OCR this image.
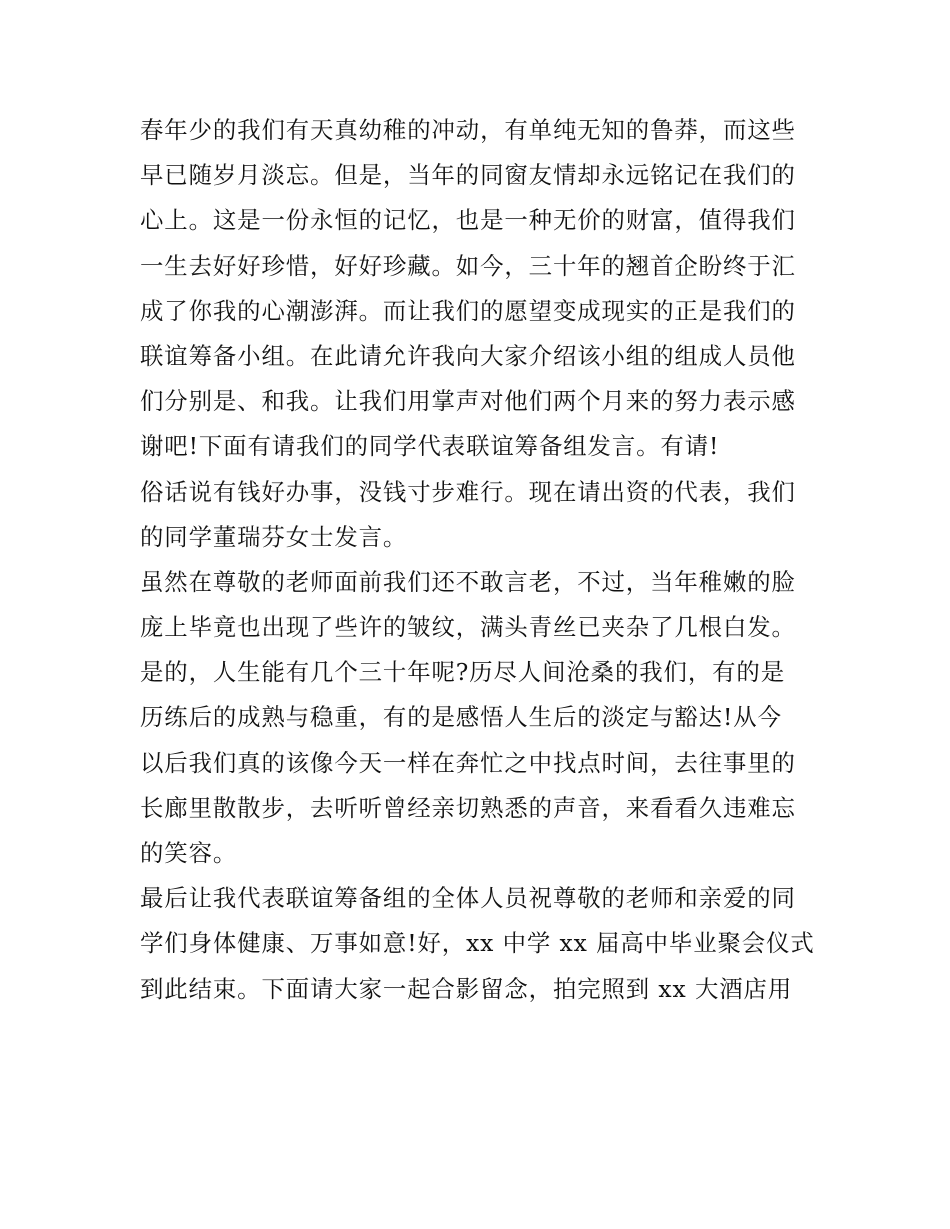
春年少的我们有天真幼稚的冲动，有单纯无知的鲁莽，而这些
早已随岁月淡忘。但是，当年的同窗友情却永远铭记在我们的
心上。这是一份永恒的记忆，也是一种无价的财富，值得我们
一生去好好珍惜，好好珍藏。如今，三十年的翘首企盼终于汇
成了你我的心潮澎湃。而让我们的愿望变成现实的正是我们的
联谊筹备小组。在此请允许我向大家介绍该小组的组成人员他
们分别是、和我。让我们用掌声对他们两个月来的努力表示感
谢吧!下面有请我们的同学代表联谊筹备组发言。有请!
俗话说有钱好办事，没钱寸步难行。现在请出资的代表，我们
的同学董瑞芬女士发言。
虽然在尊敬的老师面前我们还不敢言老，不过，当年稚嫩的脸
庞上毕竟也出现了些许的皱纹，满头青丝已夹杂了几根白发。
是的，人生能有几个三十年呢?历尽人间沧桑的我们，有的是
历练后的成熟与稳重，有的是感悟人生后的淡定与豁达!从今
以后我们真的该像今天一样在奔忙之中找点时间，去往事里的
长廊里散散步，去听听曾经亲切熟悉的声音，来看看久违难忘
的笑容。
最后让我代表联谊筹备组的全体人员祝尊敬的老师和亲爱的同
学们身体健康、万事如意!好，xx 中学 xx 届高中毕业聚会仪式
到此结束。下面请大家一起合影留念，拍完照到 xx 大酒店用
